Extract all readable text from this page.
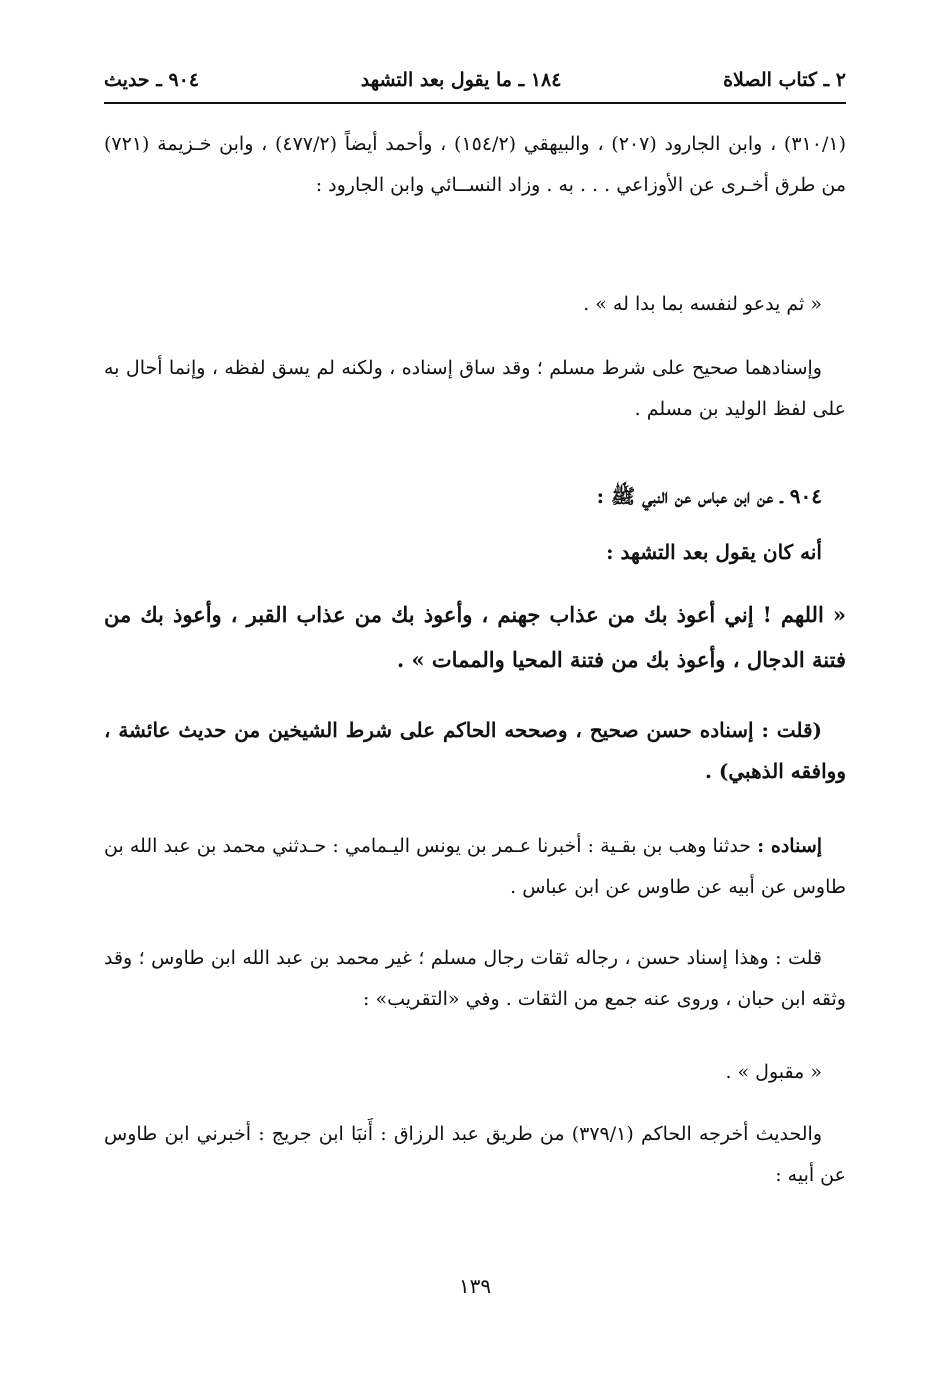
٢ ـ كتاب الصلاة
١٨٤ ـ ما يقول بعد التشهد
٩٠٤ ـ حديث

(٣١٠/١) ، وابن الجارود (٢٠٧) ، والبيهقي (١٥٤/٢) ، وأحمد أيضاً (٤٧٧/٢) ، وابن خـزيمة (٧٢١) من طرق أخـرى عن الأوزاعي . . . به . وزاد النســائي وابن الجارود :

« ثم يدعو لنفسه بما بدا له » .

وإسنادهما صحيح على شرط مسلم ؛ وقد ساق إسناده ، ولكنه لم يسق لفظه ، وإنما أحال به على لفظ الوليد بن مسلم .

٩٠٤ ـ عن ابن عباس عن النبي ﷺ :

أنه كان يقول بعد التشهد :

« اللهم ! إني أعوذ بك من عذاب جهنم ، وأعوذ بك من عذاب القبر ، وأعوذ بك من فتنة الدجال ، وأعوذ بك من فتنة المحيا والممات » .

(قلت : إسناده حسن صحيح ، وصححه الحاكم على شرط الشيخين من حديث عائشة ، ووافقه الذهبي) .

إسناده : حدثنا وهب بن بقـية : أخبرنا عـمر بن يونس اليـمامي : حـدثني محمد بن عبد الله بن طاوس عن أبيه عن طاوس عن ابن عباس .

قلت : وهذا إسناد حسن ، رجاله ثقات رجال مسلم ؛ غير محمد بن عبد الله ابن طاوس ؛ وقد وثقه ابن حبان ، وروى عنه جمع من الثقات . وفي «التقريب» :

« مقبول » .

والحديث أخرجه الحاكم (٣٧٩/١) من طريق عبد الرزاق : أَنبَا ابن جريج : أخبرني ابن طاوس عن أبيه :

١٣٩
